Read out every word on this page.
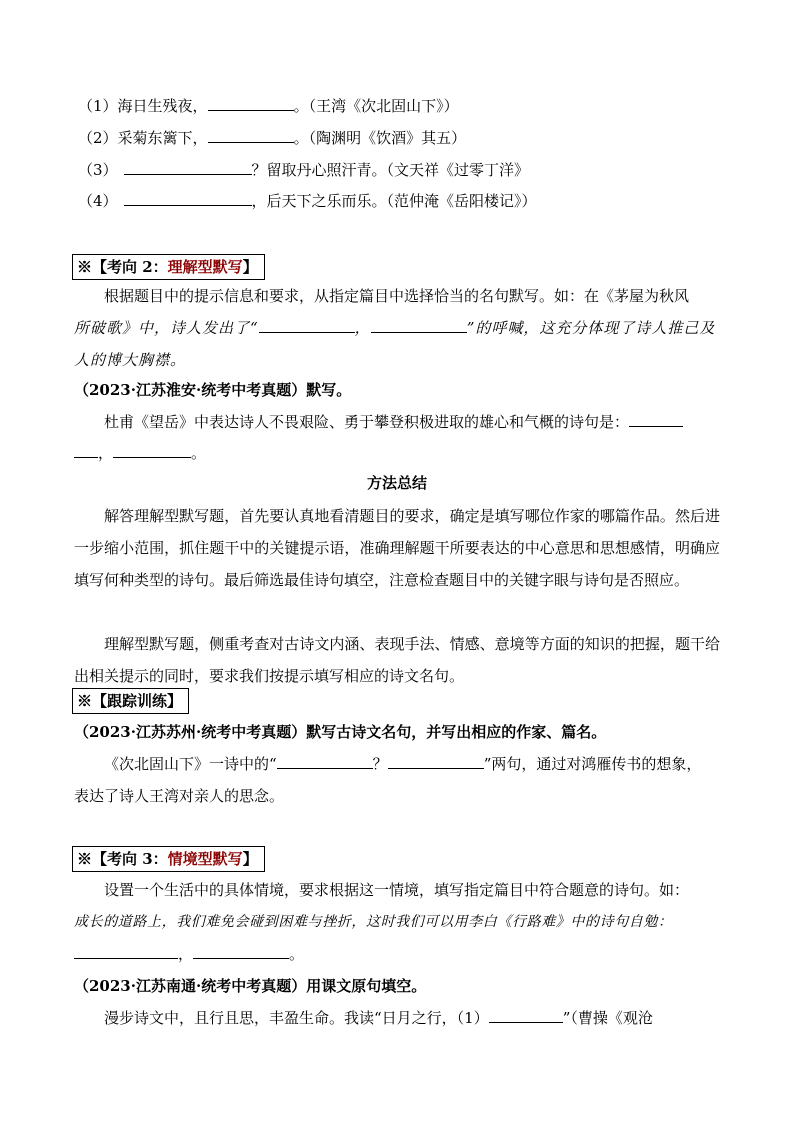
（1）海日生残夜，	。（王湾《次北固山下》）
（2）采菊东篱下，	。（陶渊明《饮酒》其五）
（3）	？留取丹心照汗青。（文天祥《过零丁洋》
（4）	，后天下之乐而乐。（范仲淹《岳阳楼记》）
※【考向 2：理解型默写】
根据题目中的提示信息和要求，从指定篇目中选择恰当的名句默写。如：在《茅屋为秋风
所破歌》中，诗人发出了“	，	”的呼喊，这充分体现了诗人推己及
人的博大胸襟。
（2023·江苏淮安·统考中考真题）默写。
杜甫《望岳》中表达诗人不畏艰险、勇于攀登积极进取的雄心和气概的诗句是：
，	。
方法总结
解答理解型默写题，首先要认真地看清题目的要求，确定是填写哪位作家的哪篇作品。然后进一步缩小范围，抓住题干中的关键提示语，准确理解题干所要表达的中心意思和思想感情，明确应填写何种类型的诗句。最后筛选最佳诗句填空，注意检查题目中的关键字眼与诗句是否照应。
理解型默写题，侧重考查对古诗文内涵、表现手法、情感、意境等方面的知识的把握，题干给出相关提示的同时，要求我们按提示填写相应的诗文名句。
※【跟踪训练】
（2023·江苏苏州·统考中考真题）默写古诗文名句，并写出相应的作家、篇名。
《次北固山下》一诗中的“	？	”两句，通过对鸿雁传书的想象，
表达了诗人王湾对亲人的思念。
※【考向 3：情境型默写】
设置一个生活中的具体情境，要求根据这一情境，填写指定篇目中符合题意的诗句。如：
成长的道路上，我们难免会碰到困难与挫折，这时我们可以用李白《行路难》中的诗句自勉：
，	。
（2023·江苏南通·统考中考真题）用课文原句填空。
漫步诗文中，且行且思，丰盈生命。我读“日月之行，（1）	”（曹操《观沧
